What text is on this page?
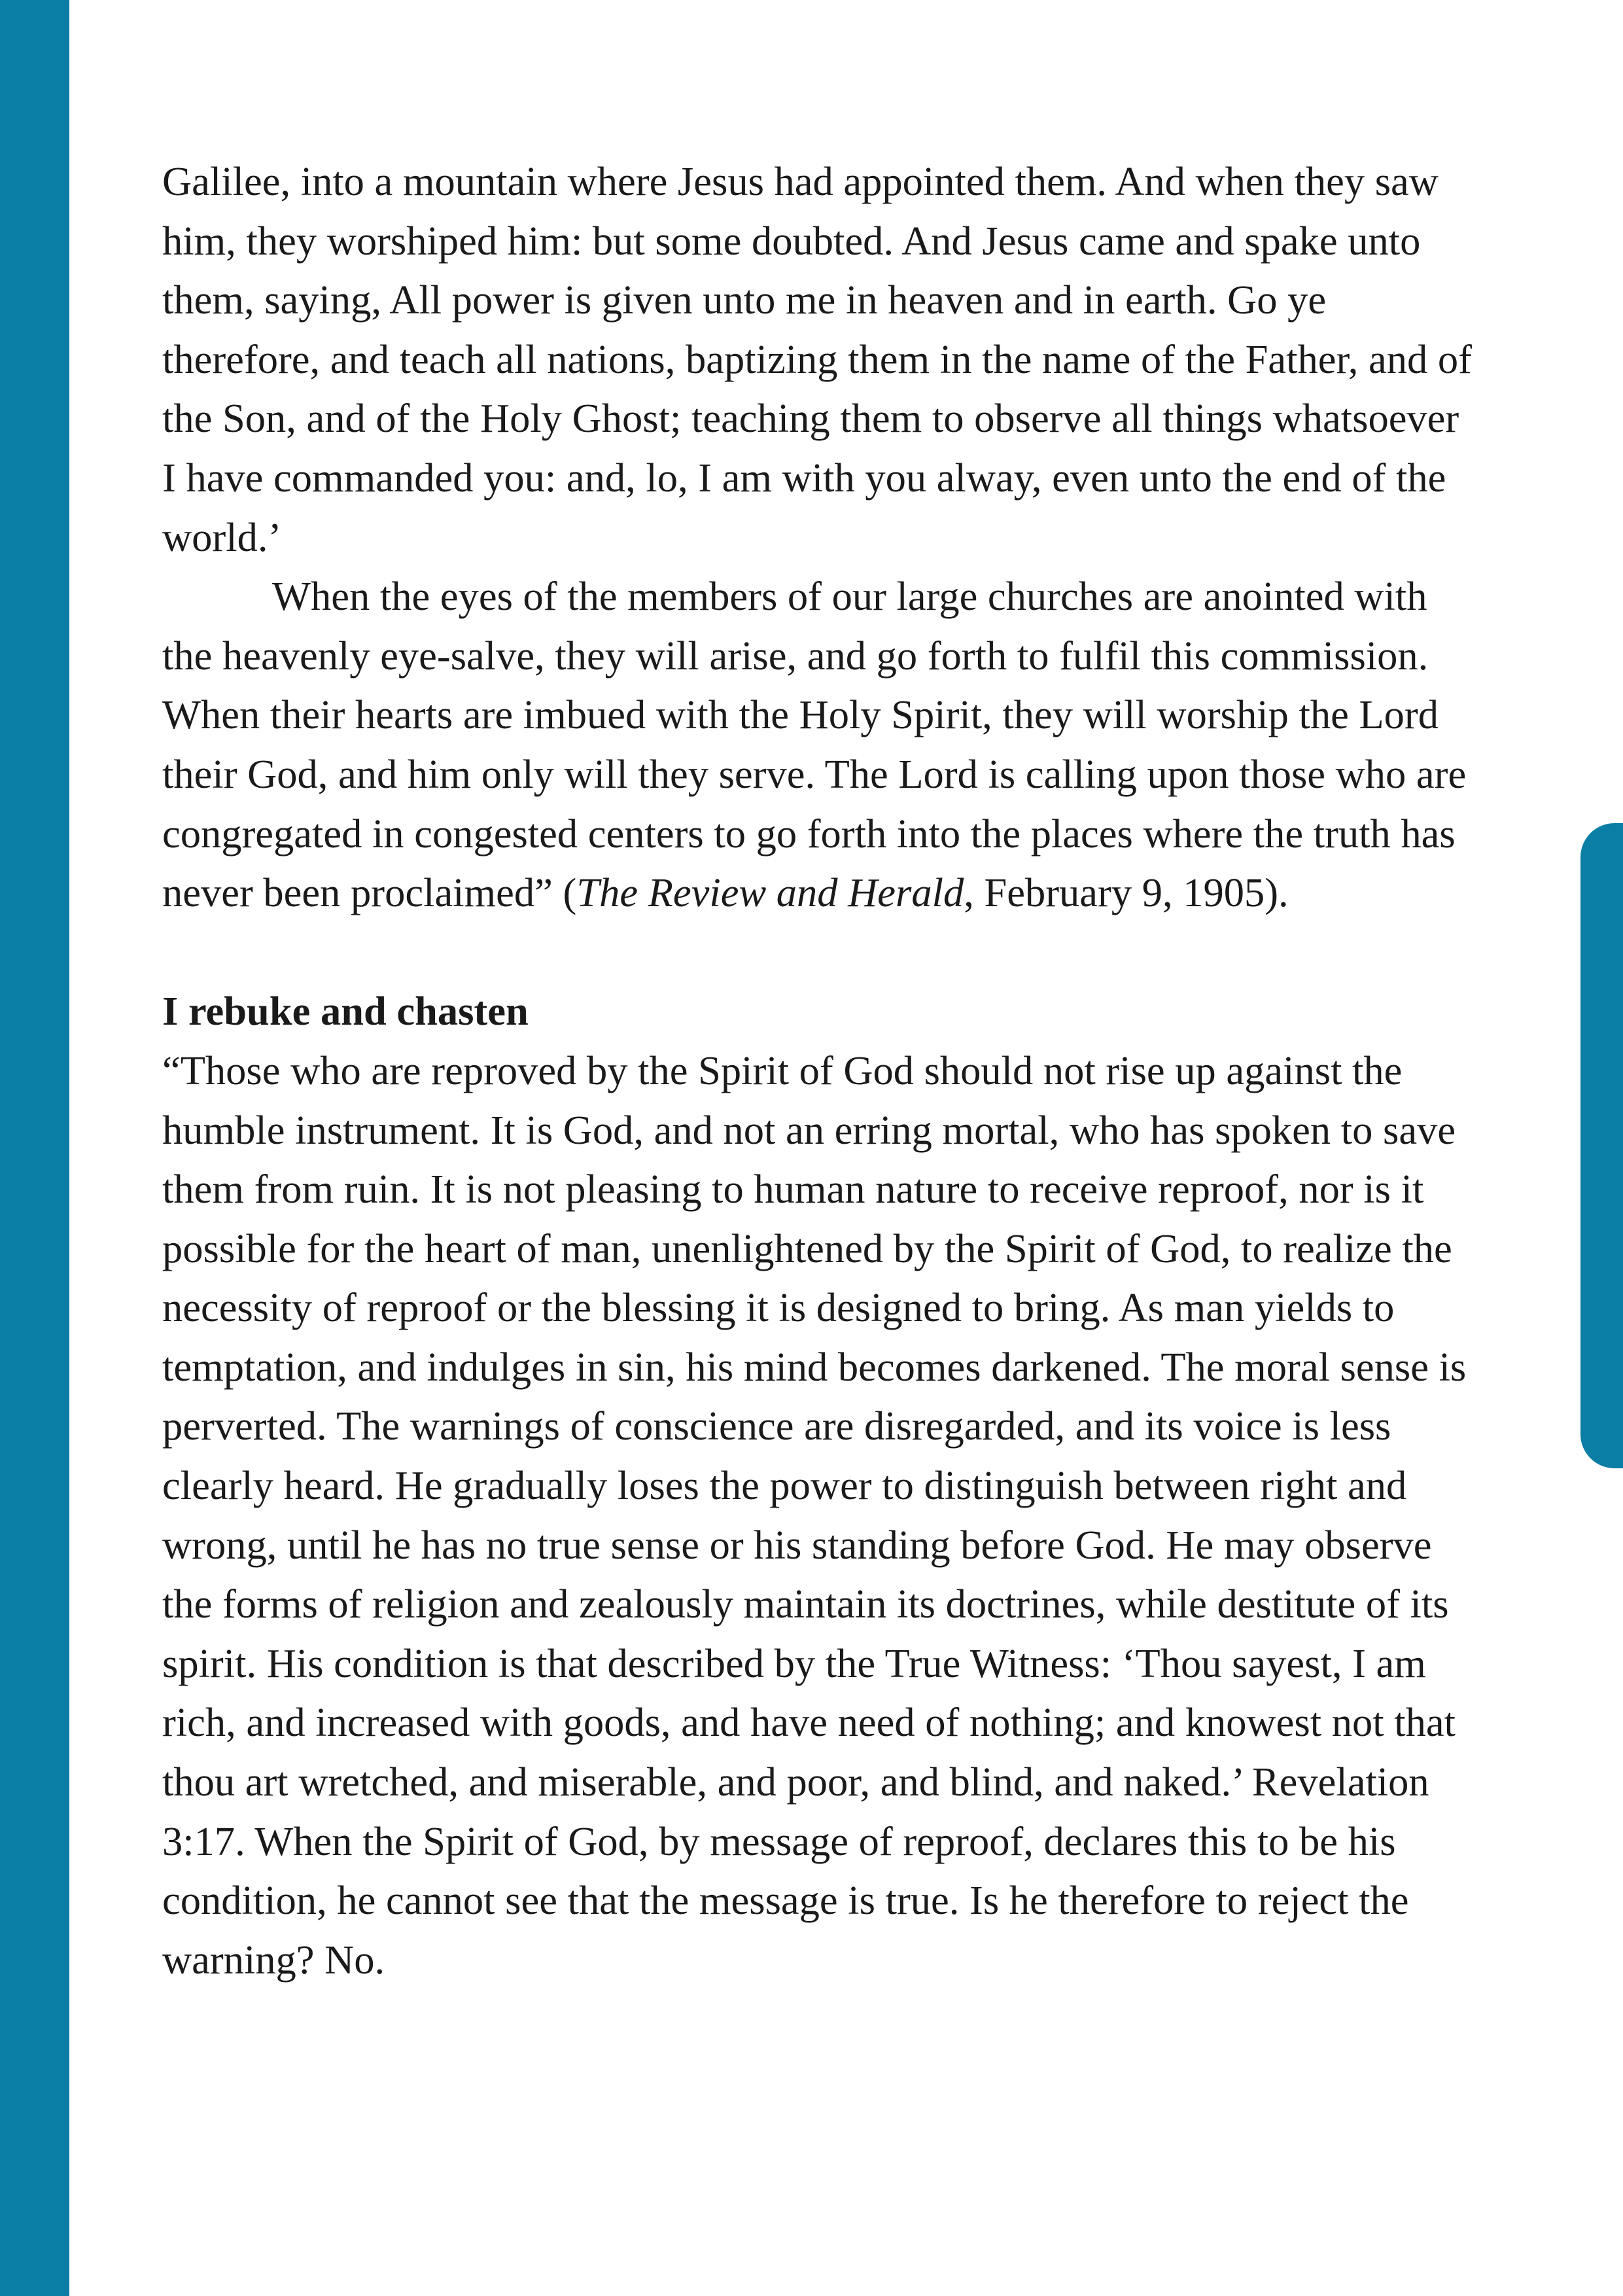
Galilee, into a mountain where Jesus had appointed them. And when they saw him, they worshiped him: but some doubted. And Jesus came and spake unto them, saying, All power is given unto me in heaven and in earth. Go ye therefore, and teach all nations, baptizing them in the name of the Father, and of the Son, and of the Holy Ghost; teaching them to observe all things whatsoever I have commanded you: and, lo, I am with you alway, even unto the end of the world.’

When the eyes of the members of our large churches are anointed with the heavenly eye-salve, they will arise, and go forth to fulfil this commission. When their hearts are imbued with the Holy Spirit, they will worship the Lord their God, and him only will they serve. The Lord is calling upon those who are congregated in congested centers to go forth into the places where the truth has never been proclaimed” (The Review and Herald, February 9, 1905).

I rebuke and chasten

“Those who are reproved by the Spirit of God should not rise up against the humble instrument. It is God, and not an erring mortal, who has spoken to save them from ruin. It is not pleasing to human nature to receive reproof, nor is it possible for the heart of man, unenlightened by the Spirit of God, to realize the necessity of reproof or the blessing it is designed to bring. As man yields to temptation, and indulges in sin, his mind becomes darkened. The moral sense is perverted. The warnings of conscience are disregarded, and its voice is less clearly heard. He gradually loses the power to distinguish between right and wrong, until he has no true sense or his standing before God. He may observe the forms of religion and zealously maintain its doctrines, while destitute of its spirit. His condition is that described by the True Witness: ‘Thou sayest, I am rich, and increased with goods, and have need of nothing; and knowest not that thou art wretched, and miserable, and poor, and blind, and naked.’ Revelation 3:17. When the Spirit of God, by message of reproof, declares this to be his condition, he cannot see that the message is true. Is he therefore to reject the warning? No.
